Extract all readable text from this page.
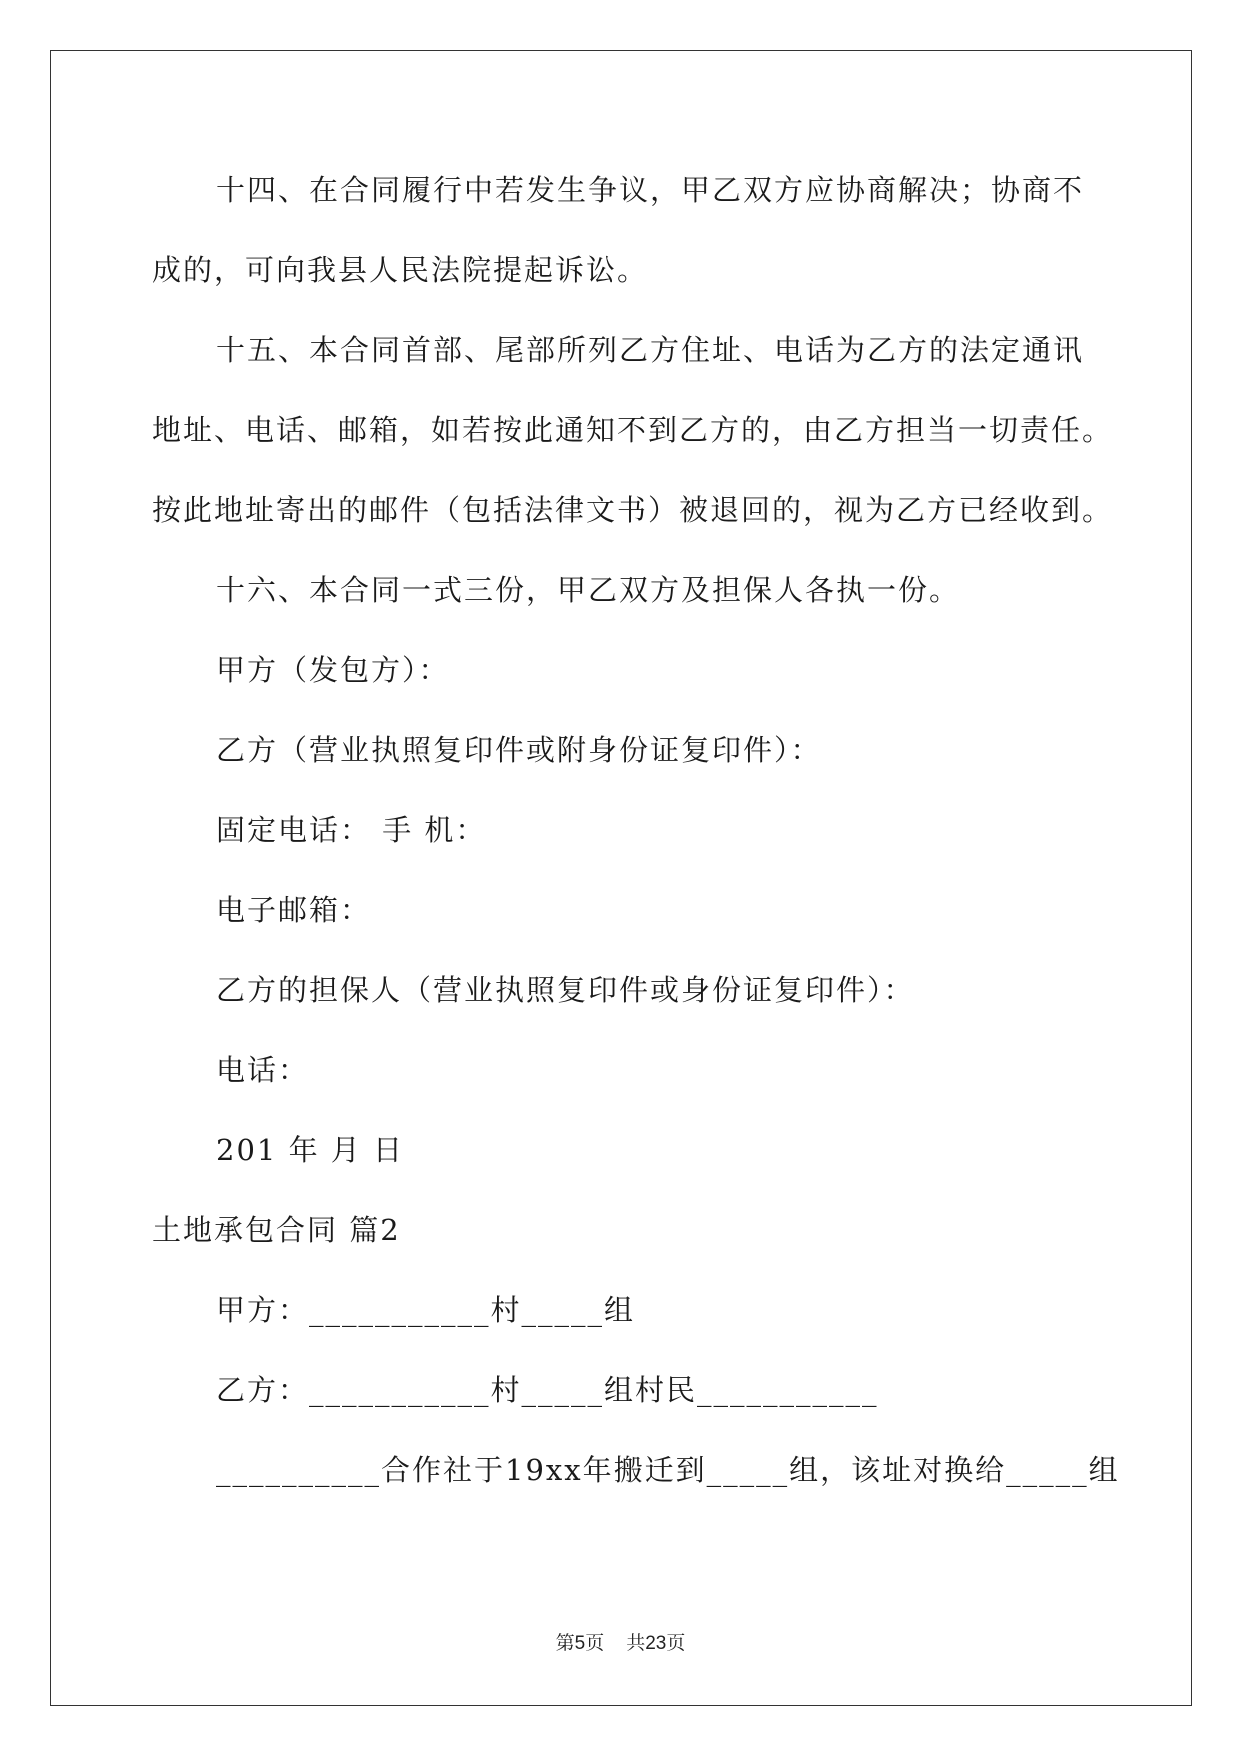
十四、在合同履行中若发生争议，甲乙双方应协商解决；协商不
成的，可向我县人民法院提起诉讼。
十五、本合同首部、尾部所列乙方住址、电话为乙方的法定通讯
地址、电话、邮箱，如若按此通知不到乙方的，由乙方担当一切责任。
按此地址寄出的邮件（包括法律文书）被退回的，视为乙方已经收到。
十六、本合同一式三份，甲乙双方及担保人各执一份。
甲方（发包方）：
乙方（营业执照复印件或附身份证复印件）：
固定电话： 手 机：
电子邮箱：
乙方的担保人（营业执照复印件或身份证复印件）：
电话：
201 年 月 日
土地承包合同 篇2
甲方：___________村_____组
乙方：___________村_____组村民___________
__________合作社于19xx年搬迁到_____组，该址对换给_____组
第5页 共23页
